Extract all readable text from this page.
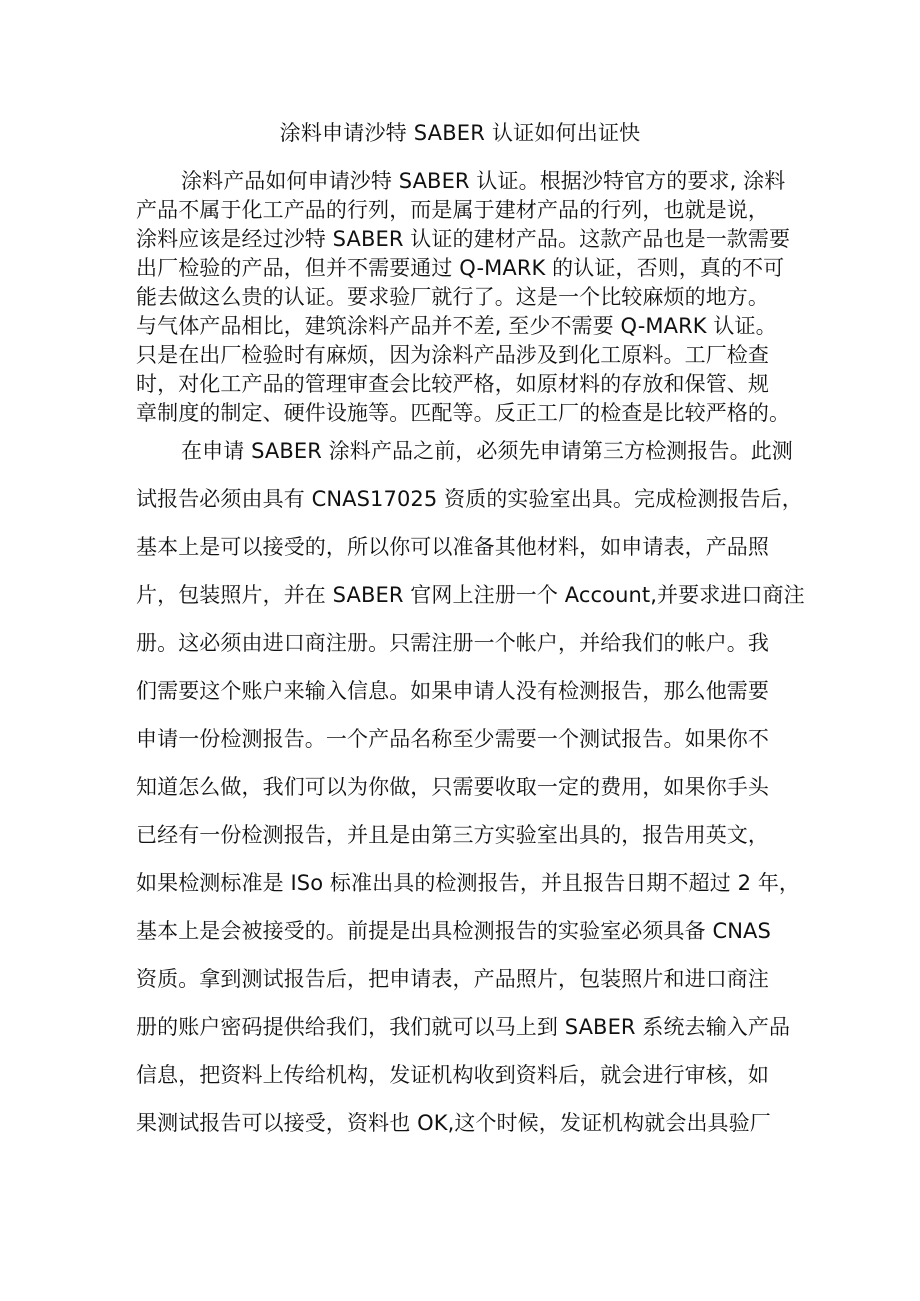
涂料申请沙特 SABER 认证如何出证快
涂料产品如何申请沙特 SABER 认证。根据沙特官方的要求, 涂料
产品不属于化工产品的行列，而是属于建材产品的行列，也就是说，
涂料应该是经过沙特 SABER 认证的建材产品。这款产品也是一款需要
出厂检验的产品，但并不需要通过 Q-MARK 的认证，否则，真的不可
能去做这么贵的认证。要求验厂就行了。这是一个比较麻烦的地方。
与气体产品相比，建筑涂料产品并不差, 至少不需要 Q-MARK 认证。
只是在出厂检验时有麻烦，因为涂料产品涉及到化工原料。工厂检查
时，对化工产品的管理审查会比较严格，如原材料的存放和保管、规
章制度的制定、硬件设施等。匹配等。反正工厂的检查是比较严格的。
在申请 SABER 涂料产品之前，必须先申请第三方检测报告。此测
试报告必须由具有 CNAS17025 资质的实验室出具。完成检测报告后，
基本上是可以接受的，所以你可以准备其他材料，如申请表，产品照
片，包装照片，并在 SABER 官网上注册一个 Account,并要求进口商注
册。这必须由进口商注册。只需注册一个帐户，并给我们的帐户。我
们需要这个账户来输入信息。如果申请人没有检测报告，那么他需要
申请一份检测报告。一个产品名称至少需要一个测试报告。如果你不
知道怎么做，我们可以为你做，只需要收取一定的费用，如果你手头
已经有一份检测报告，并且是由第三方实验室出具的，报告用英文，
如果检测标准是 ISo 标准出具的检测报告，并且报告日期不超过 2 年，
基本上是会被接受的。前提是出具检测报告的实验室必须具备 CNAS
资质。拿到测试报告后，把申请表，产品照片，包装照片和进口商注
册的账户密码提供给我们，我们就可以马上到 SABER 系统去输入产品
信息，把资料上传给机构，发证机构收到资料后，就会进行审核，如
果测试报告可以接受，资料也 OK,这个时候，发证机构就会出具验厂
